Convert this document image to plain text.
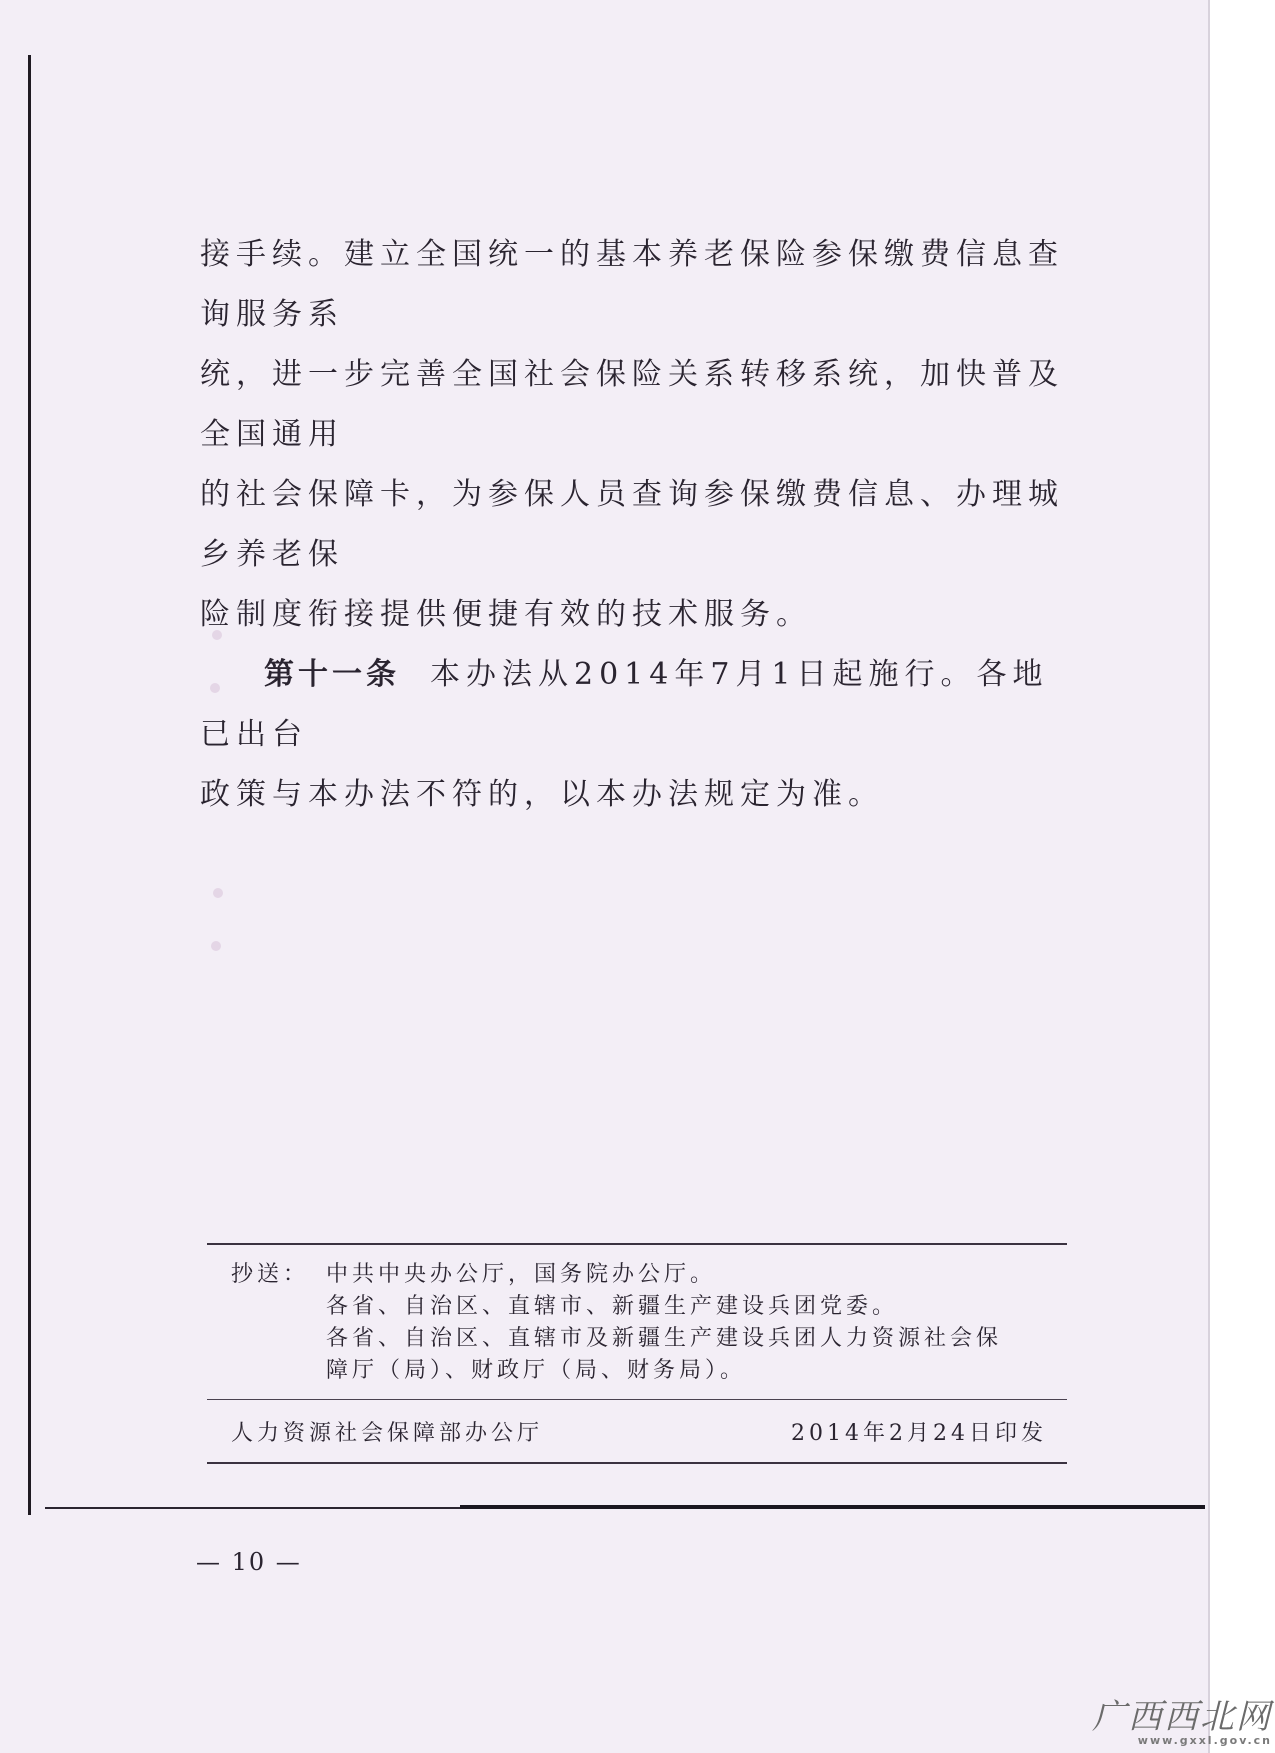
接手续。建立全国统一的基本养老保险参保缴费信息查询服务系

统，进一步完善全国社会保险关系转移系统，加快普及全国通用

的社会保障卡，为参保人员查询参保缴费信息、办理城乡养老保

险制度衔接提供便捷有效的技术服务。

第十一条 本办法从2014年7月1日起施行。各地已出台

政策与本办法不符的，以本办法规定为准。

抄送： 中共中央办公厅，国务院办公厅。
各省、自治区、直辖市、新疆生产建设兵团党委。
各省、自治区、直辖市及新疆生产建设兵团人力资源社会保
障厅（局）、财政厅（局、财务局）。
人力资源社会保障部办公厅	2014年2月24日印发
— 10 —
广西西北网
www.gxxl.gov.cn
